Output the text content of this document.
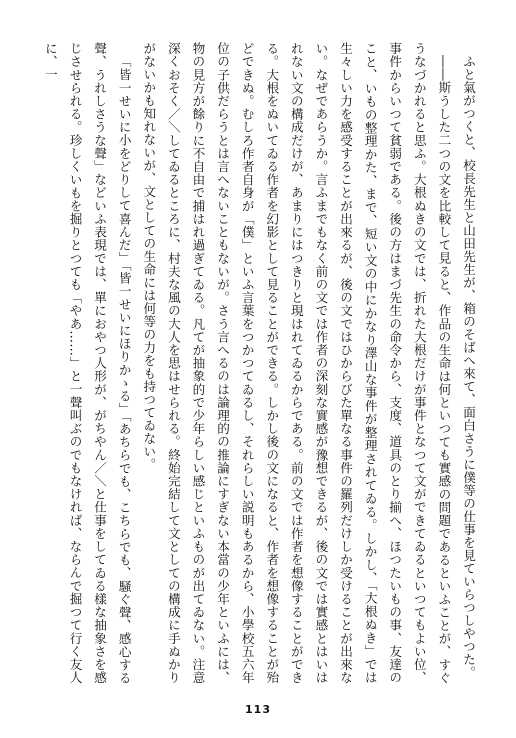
ふと氣がつくと、校長先生と山田先生が、箱のそばへ來て、面白さうに僕等の仕事を見ていらつしやつた。

――斯うした二つの文を比較して見ると、作品の生命は何といつても實感の問題であるといふことが、すぐうなづかれると思ふ。大根ぬきの文では、折れた大根だけが事件となつて文ができてゐるといつてもよい位、事件からいつて貧弱である。後の方はまづ先生の命令から、支度、道具のとり揃へ、ほつたいもの事、友達のこと、いもの整理かた、まで、短い文の中にかなり澤山な事件が整理されてゐる。しかし、「大根ぬき」では生々しい力を感受することが出來るが、後の文ではひからびた單なる事件の羅列だけしか受けることが出來ない。なぜであらうか。言ふまでもなく前の文では作者の深刻な實感が豫想できるが、後の文では實感とはいはれない文の構成だけが、あまりにはつきりと現はれてゐるからである。前の文では作者を想像することができる。大根をぬいてゐる作者を幻影として見ることができる。しかし後の文になると、作者を想像することが殆どできぬ。むしろ作者自身が「僕」といふ言葉をつかつてゐるし、それらしい説明もあるから、小學校五六年位の子供だらうとは言へないこともないが。さう言へるのは論理的の推論にすぎない本當の少年といふには、物の見方が餘りに不自由で捕はれ過ぎてゐる。凡てが抽象的で少年らしい感じといふものが出てゐない。注意深くおそく／＼してゐるところに、村夫な風の大人を思はせられる。終始完結して文としての構成に手ぬかりがないかも知れないが、文としての生命には何等の力をも持つてゐない。

「皆一せいに小をどりして喜んだ」「皆一せいにほりかゝる」「あちらでも、こちらでも、騒ぐ聲、感心する聲、うれしさうな聲」などいふ表現では、單におやつ人形が、がちやん／＼と仕事をしてゐる樣な抽象さを感じさせられる。珍しくいもを掘りとつても「やあ……」と一聲叫ぶのでもなければ、ならんで掘つて行く友人に、一

113
